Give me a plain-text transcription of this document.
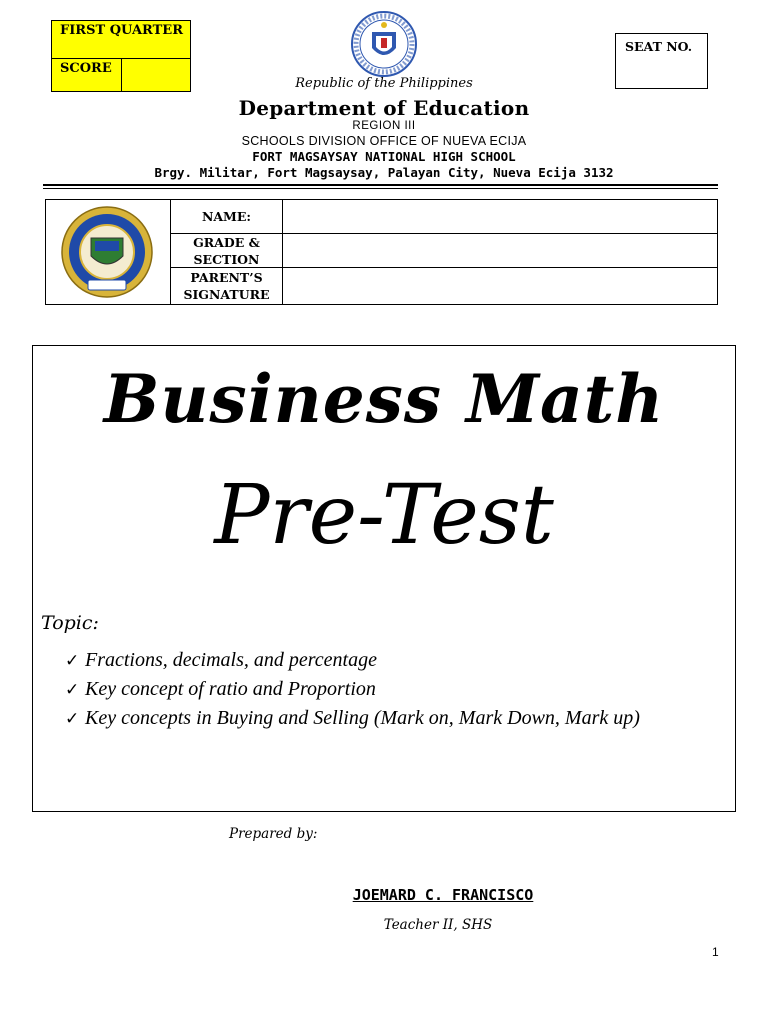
FIRST QUARTER
SCORE
SEAT NO.
Republic of the Philippines
Department of Education
REGION III
SCHOOLS DIVISION OFFICE OF NUEVA ECIJA
FORT MAGSAYSAY NATIONAL HIGH SCHOOL
Brgy. Militar, Fort Magsaysay, Palayan City, Nueva Ecija 3132
NAME:
GRADE &
SECTION
PARENT’S
SIGNATURE
Business Math
Pre-Test
Topic:
✓ Fractions, decimals, and percentage
✓ Key concept of ratio and Proportion
✓ Key concepts in Buying and Selling (Mark on, Mark Down, Mark up)
Prepared by:
JOEMARD C. FRANCISCO
Teacher II, SHS
1
